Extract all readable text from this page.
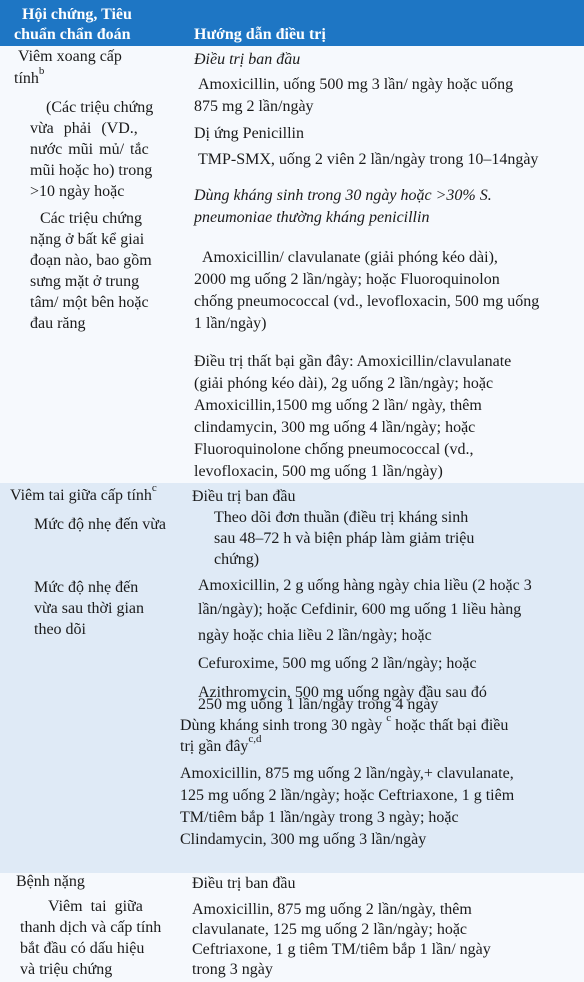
Hội chứng, Tiêu
chuẩn chẩn đoán	Hướng dẫn điều trị
Viêm xoang cấp
tính$^b$
(Các triệu chứng
vừa phải (VD.,
nước mũi mủ/ tắc
mũi hoặc ho) trong
>10 ngày hoặc
Các triệu chứng
nặng ở bất kể giai
đoạn nào, bao gồm
sưng mặt ở trung
tâm/ một bên hoặc
đau răng
Điều trị ban đầu
Amoxicillin, uống 500 mg 3 lần/ ngày hoặc uống
875 mg 2 lần/ngày
Dị ứng Penicillin
TMP-SMX, uống 2 viên 2 lần/ngày trong 10–14ngày
Dùng kháng sinh trong 30 ngày hoặc >30% S.
pneumoniae thường kháng penicillin
Amoxicillin/ clavulanate (giải phóng kéo dài),
2000 mg uống 2 lần/ngày; hoặc Fluoroquinolon
chống pneumococcal (vd., levofloxacin, 500 mg uống
1 lần/ngày)
Điều trị thất bại gần đây: Amoxicillin/clavulanate
(giải phóng kéo dài), 2g uống 2 lần/ngày; hoặc
Amoxicillin,1500 mg uống 2 lần/ ngày, thêm
clindamycin, 300 mg uống 4 lần/ngày; hoặc
Fluoroquinolone chống pneumococcal (vd.,
levofloxacin, 500 mg uống 1 lần/ngày)
Viêm tai giữa cấp tính$^c$
Mức độ nhẹ đến vừa
Mức độ nhẹ đến
vừa sau thời gian
theo dõi
Điều trị ban đầu
Theo dõi đơn thuần (điều trị kháng sinh
sau 48–72 h và biện pháp làm giảm triệu
chứng)
Amoxicillin, 2 g uống hàng ngày chia liều (2 hoặc 3
lần/ngày); hoặc Cefdinir, 600 mg uống 1 liều hàng
ngày hoặc chia liều 2 lần/ngày; hoặc
Cefuroxime, 500 mg uống 2 lần/ngày; hoặc
Azithromycin, 500 mg uống ngày đầu sau đó
250 mg uống 1 lần/ngày trong 4 ngày
Dùng kháng sinh trong 30 ngày $^c$ hoặc thất bại điều
trị gần đây$^{c,d}$
Amoxicillin, 875 mg uống 2 lần/ngày,+ clavulanate,
125 mg uống 2 lần/ngày; hoặc Ceftriaxone, 1 g tiêm
TM/tiêm bắp 1 lần/ngày trong 3 ngày; hoặc
Clindamycin, 300 mg uống 3 lần/ngày
Bệnh nặng
Viêm tai giữa
thanh dịch và cấp tính
bắt đầu có dấu hiệu
và triệu chứng
Điều trị ban đầu
Amoxicillin, 875 mg uống 2 lần/ngày, thêm
clavulanate, 125 mg uống 2 lần/ngày; hoặc
Ceftriaxone, 1 g tiêm TM/tiêm bắp 1 lần/ ngày
trong 3 ngày
